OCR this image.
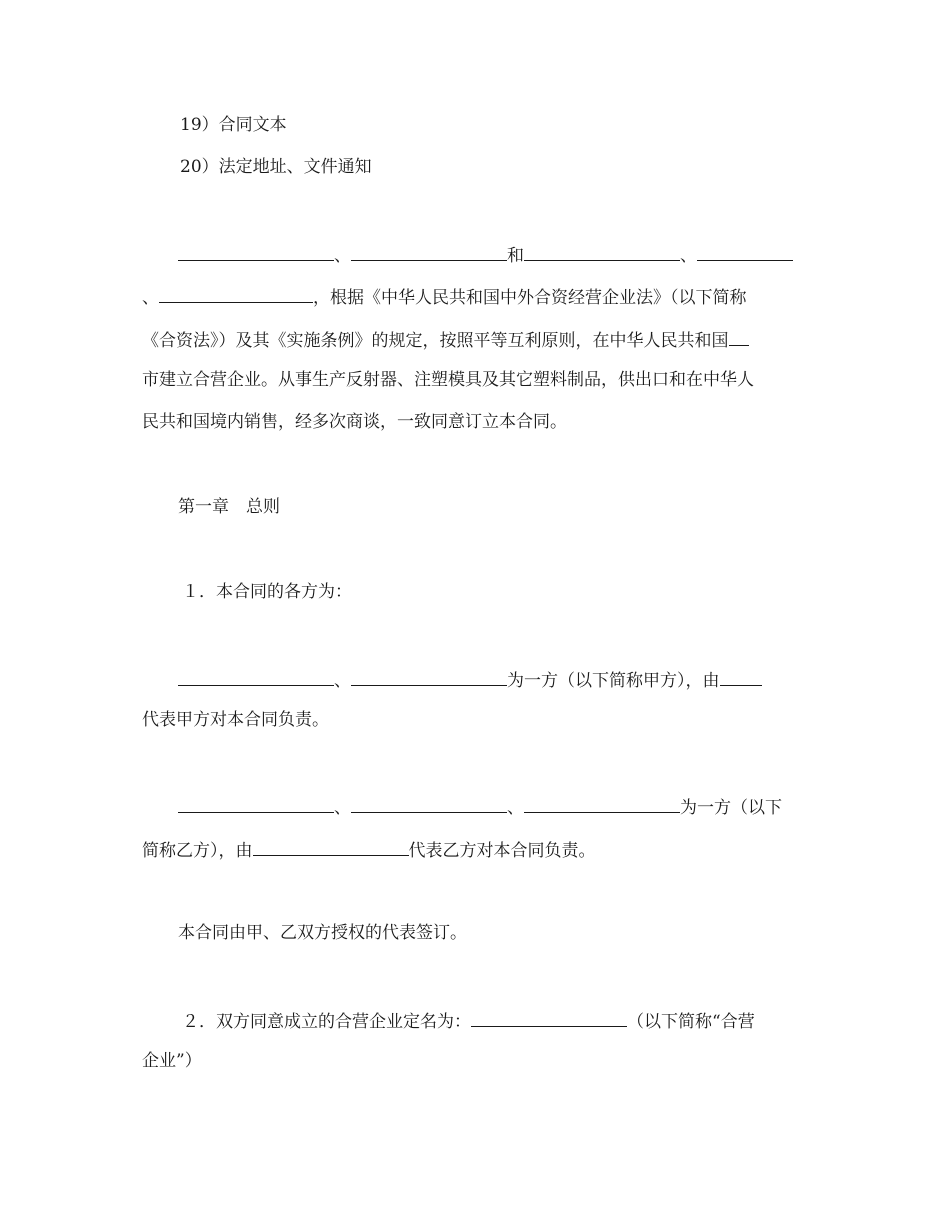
19）合同文本
20）法定地址、文件通知
、	和	、
、	，根据《中华人民共和国中外合资经营企业法》（以下简称
《合资法》）及其《实施条例》的规定，按照平等互利原则，在中华人民共和国
市建立合营企业。从事生产反射器、注塑模具及其它塑料制品，供出口和在中华人
民共和国境内销售，经多次商谈，一致同意订立本合同。
第一章　总则
１．本合同的各方为：
、	为一方（以下简称甲方），由
代表甲方对本合同负责。
、	、	为一方（以下
简称乙方），由	代表乙方对本合同负责。
本合同由甲、乙双方授权的代表签订。
２．双方同意成立的合营企业定名为：	（以下简称“合营
企业”）
